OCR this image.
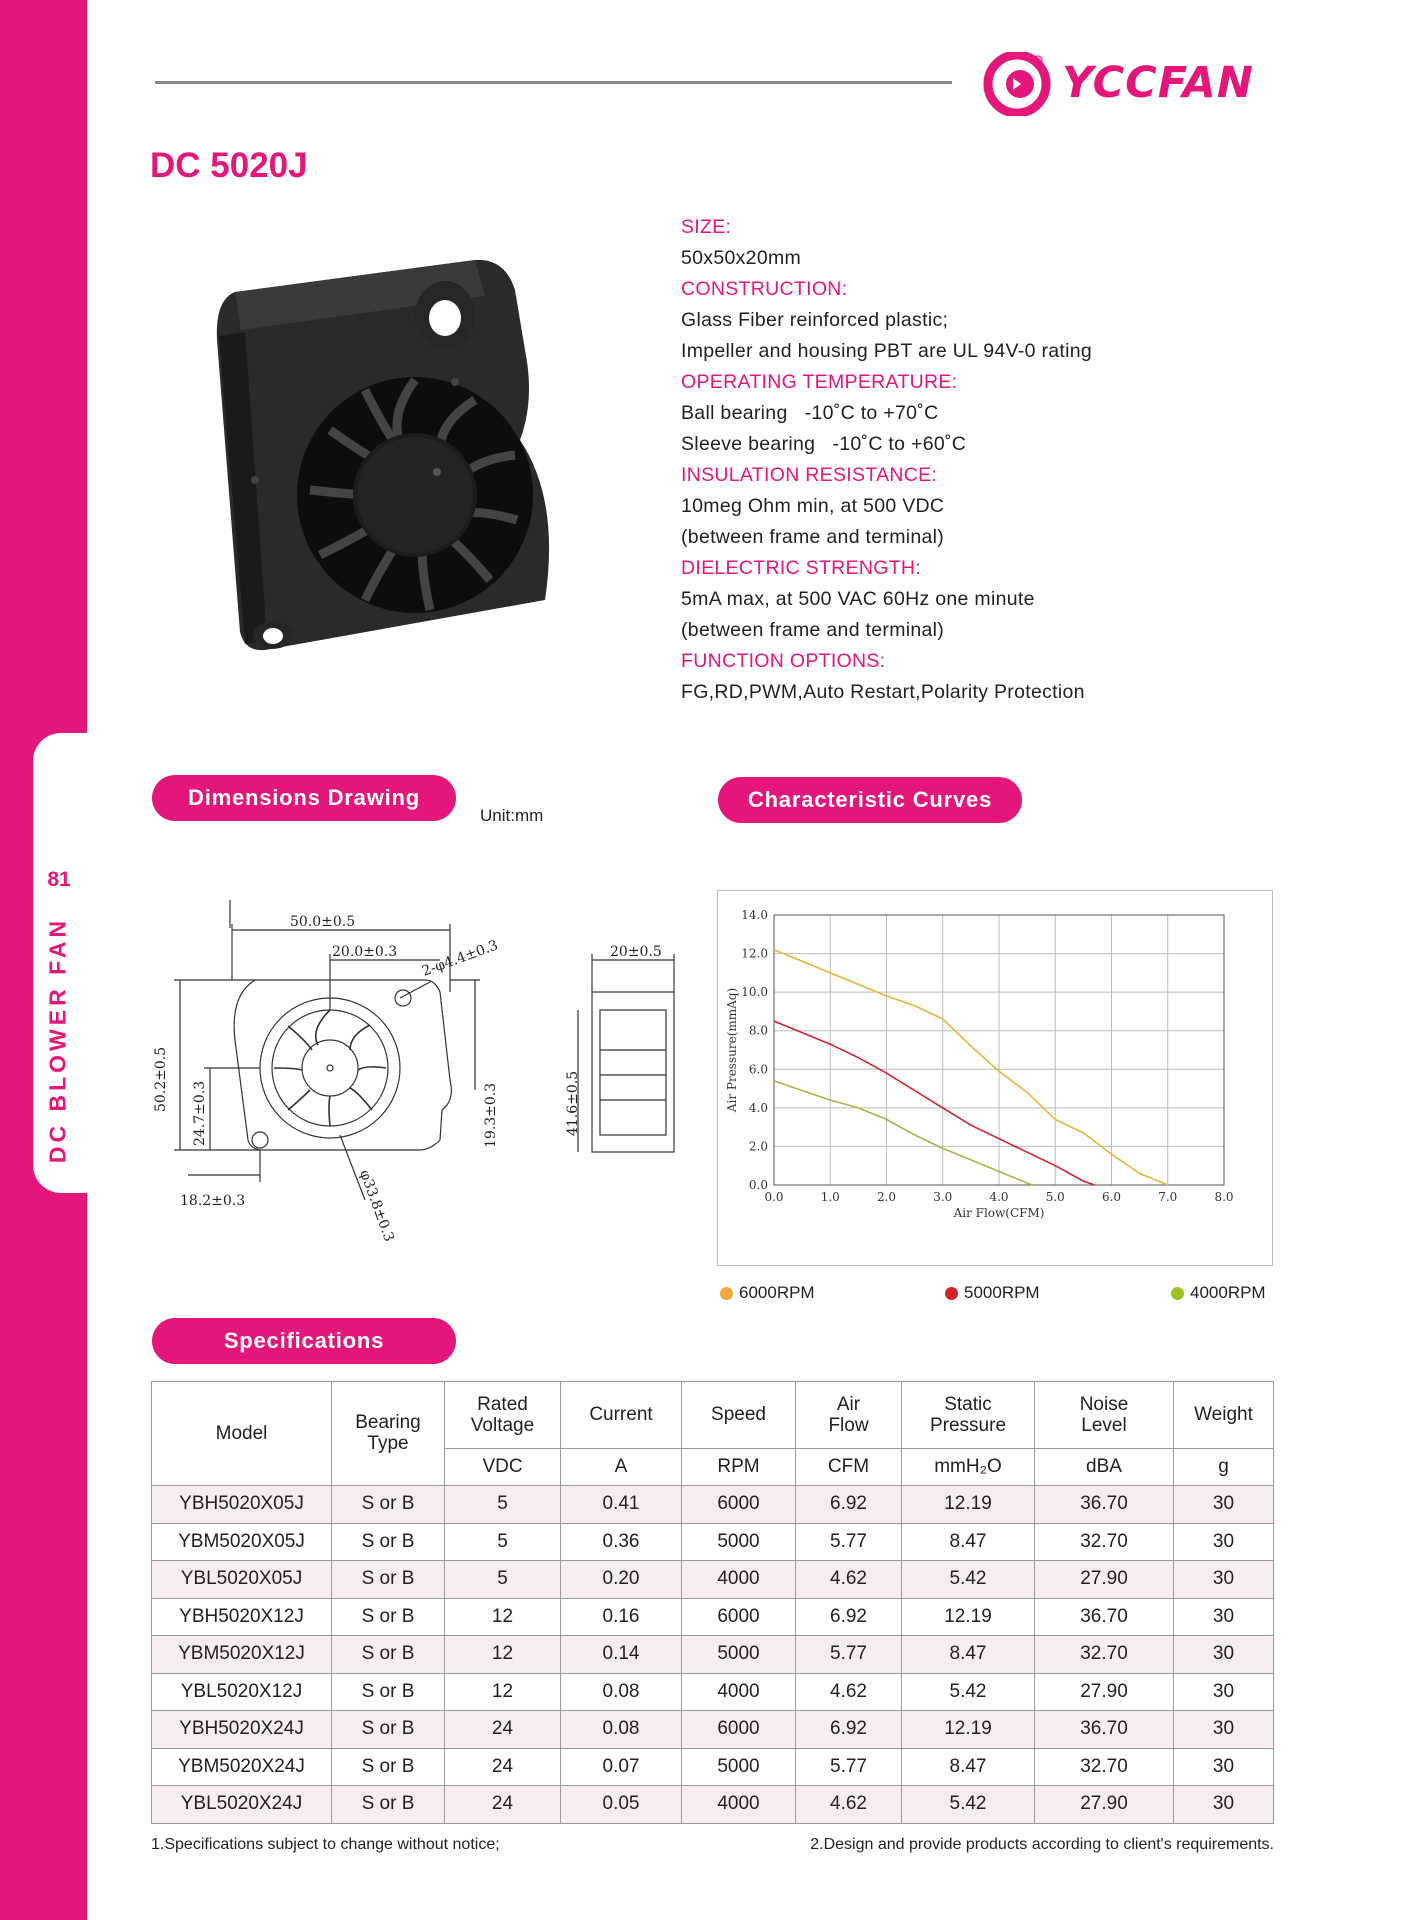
81
DC BLOWER FAN
® YCCFAN
DC 5020J
SIZE:
50x50x20mm
CONSTRUCTION:
Glass Fiber reinforced plastic;
Impeller and housing PBT are UL 94V-0 rating
OPERATING TEMPERATURE:
Ball bearing   -10˚C to +70˚C
Sleeve bearing   -10˚C to +60˚C
INSULATION RESISTANCE:
10meg Ohm min, at 500 VDC
(between frame and terminal)
DIELECTRIC STRENGTH:
5mA max, at 500 VAC 60Hz one minute
(between frame and terminal)
FUNCTION OPTIONS:
FG,RD,PWM,Auto Restart,Polarity Protection
Dimensions Drawing
Unit:mm
Characteristic Curves
Specifications
50.0±0.5
20.0±0.3 2-φ4.4±0.3
50.2±0.5
24.7±0.3	19.3±0.3
18.2±0.3	φ33.8±0.3
20±0.5
41.6±0.5
0.0	1.0	2.0	3.0	4.0	5.0	6.0	7.0	8.0
0.0
2.0
4.0
6.0
8.0
10.0
12.0
14.0
Air Flow(CFM)
Air Pressure(mmAq)
6000RPM	5000RPM	4000RPM
Model	Bearing Type	Rated Voltage	Current	Speed	Air Flow	Static Pressure	Noise Level	Weight
		VDC	A	RPM	CFM	mmH₂O	dBA	g
YBH5020X05J	S or B	5	0.41	6000	6.92	12.19	36.70	30
YBM5020X05J	S or B	5	0.36	5000	5.77	8.47	32.70	30
YBL5020X05J	S or B	5	0.20	4000	4.62	5.42	27.90	30
YBH5020X12J	S or B	12	0.16	6000	6.92	12.19	36.70	30
YBM5020X12J	S or B	12	0.14	5000	5.77	8.47	32.70	30
YBL5020X12J	S or B	12	0.08	4000	4.62	5.42	27.90	30
YBH5020X24J	S or B	24	0.08	6000	6.92	12.19	36.70	30
YBM5020X24J	S or B	24	0.07	5000	5.77	8.47	32.70	30
YBL5020X24J	S or B	24	0.05	4000	4.62	5.42	27.90	30
1.Specifications subject to change without notice;	2.Design and provide products according to client's requirements.
